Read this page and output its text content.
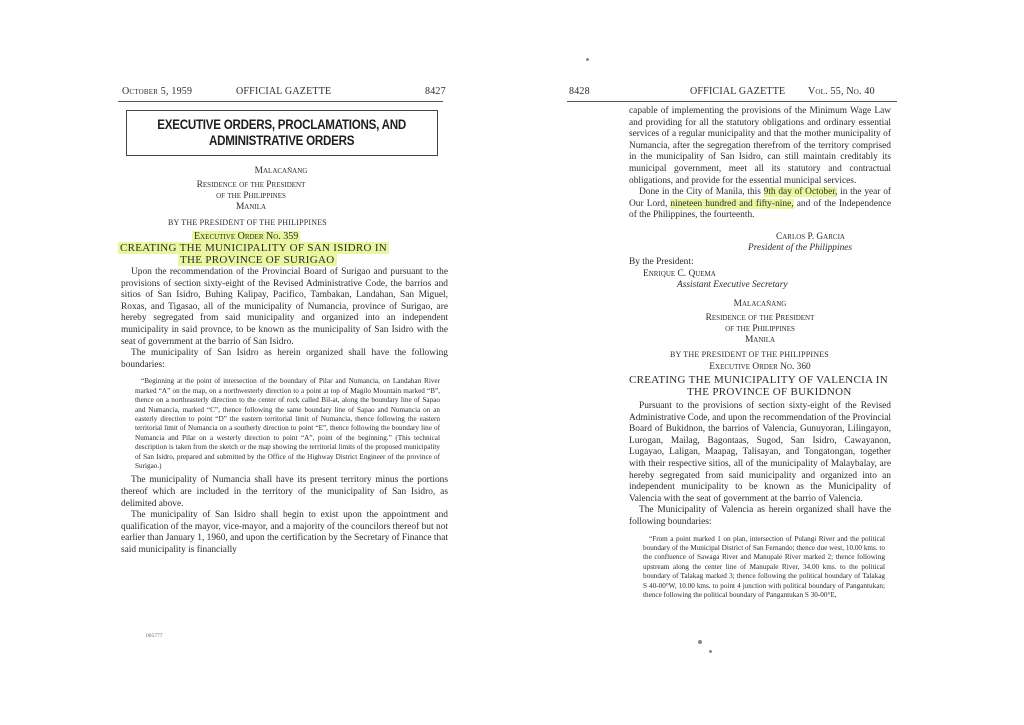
October 5, 1959	OFFICIAL GAZETTE	8427
EXECUTIVE ORDERS, PROCLAMATIONS, AND
ADMINISTRATIVE ORDERS
Malacañang
Residence of the President
of the Philippines
Manila
BY THE PRESIDENT OF THE PHILIPPINES
Executive Order No. 359
CREATING THE MUNICIPALITY OF SAN ISIDRO IN
THE PROVINCE OF SURIGAO

Upon the recommendation of the Provincial Board of Surigao and pursuant to the provisions of section sixty-eight of the Revised Administrative Code, the barrios and sitios of San Isidro, Buhing Kalipay, Pacifico, Tambakan, Landahan, San Miguel, Roxas, and Tigasao, all of the municipality of Numancia, province of Surigao, are hereby segregated from said municipality and organized into an independent municipality in said provnce, to be known as the municipality of San Isidro with the seat of government at the barrio of San Isidro.

The municipality of San Isidro as herein organized shall have the following boundaries:

“Beginning at the point of intersection of the boundary of Pilar and Numancia, on Landahan River marked “A” on the map, on a northwesterly direction to a point at top of Magilo Mountain marked “B”, thence on a northeasterly direction to the center of rock called Bil-at, along the boundary line of Sapao and Numancia, marked “C”, thence following the same boundary line of Sapao and Numancia on an easterly direction to point “D” the eastern territorial limit of Numancia, thence following the eastern territorial limit of Numancia on a southerly direction to point “E”, thence following the boundary line of Numancia and Pilar on a westerly direction to point “A”, point of the beginning.” (This technical description is taken from the sketch or the map showing the territorial limits of the proposed municipality of San Isidro, prepared and submitted by the Office of the Highway District Engineer of the province of Surigao.)

The municipality of Numancia shall have its present territory minus the portions thereof which are included in the territory of the municipality of San Isidro, as delimited above.

The municipality of San Isidro shall begin to exist upon the appointment and qualification of the mayor, vice-mayor, and a majority of the councilors thereof but not earlier than January 1, 1960, and upon the certification by the Secretary of Finance that said municipality is financially

005777
8428	OFFICIAL GAZETTE Vol. 55, No. 40

capable of implementing the provisions of the Minimum Wage Law and providing for all the statutory obligations and ordinary essential services of a regular municipality and that the mother municipality of Numancia, after the segregation therefrom of the territory comprised in the municipality of San Isidro, can still maintain creditably its municipal government, meet all its statutory and contractual obligations, and provide for the essential municipal services.

Done in the City of Manila, this 9th day of October, in the year of Our Lord, nineteen hundred and fifty-nine, and of the Independence of the Philippines, the fourteenth.

Carlos P. Garcia
President of the Philippines
By the President:
Enrique C. Quema
Assistant Executive Secretary
Malacañang
Residence of the President
of the Philippines
Manila
BY THE PRESIDENT OF THE PHILIPPINES
Executive Order No. 360
CREATING THE MUNICIPALITY OF VALENCIA IN
THE PROVINCE OF BUKIDNON

Pursuant to the provisions of section sixty-eight of the Revised Administrative Code, and upon the recommendation of the Provincial Board of Bukidnon, the barrios of Valencia, Gunuyoran, Lilingayon, Lurogan, Mailag, Bagontaas, Sugod, San Isidro, Cawayanon, Lugayao, Laligan, Maapag, Talisayan, and Tongatongan, together with their respective sitios, all of the municipality of Malaybalay, are hereby segregated from said municipality and organized into an independent municipality to be known as the Municipality of Valencia with the seat of government at the barrio of Valencia.

The Municipality of Valencia as herein organized shall have the following boundaries:

“From a point marked 1 on plan, intersection of Pulangi River and the political boundary of the Municipal District of San Fernando; thence due west, 10.00 kms. to the confluence of Sawaga River and Manupale River marked 2; thence following upstream along the center line of Manupale River, 34.00 kms. to the political boundary of Talakag marked 3; thence following the political boundary of Talakag S 40-00°W, 10.00 kms. to point 4 junction with political boundary of Pangantukan; thence following the political boundary of Pangantukan S 30-00°E,
